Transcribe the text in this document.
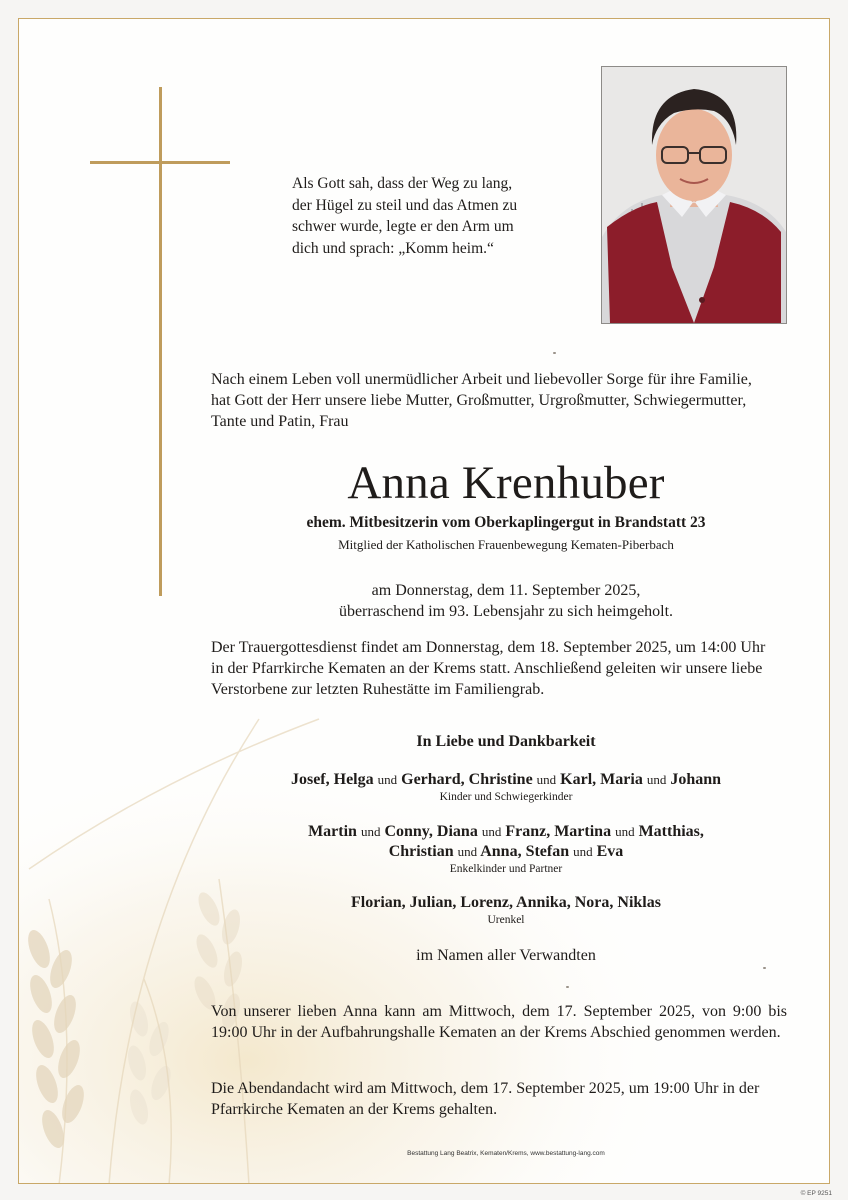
Als Gott sah, dass der Weg zu lang,
der Hügel zu steil und das Atmen zu
schwer wurde, legte er den Arm um
dich und sprach: „Komm heim.“
Nach einem Leben voll unermüdlicher Arbeit und liebevoller Sorge für ihre Familie,
hat Gott der Herr unsere liebe Mutter, Großmutter, Urgroßmutter, Schwiegermutter,
Tante und Patin, Frau
Anna Krenhuber
ehem. Mitbesitzerin vom Oberkaplingergut in Brandstatt 23
Mitglied der Katholischen Frauenbewegung Kematen-Piberbach
am Donnerstag, dem 11. September 2025,
überraschend im 93. Lebensjahr zu sich heimgeholt.
Der Trauergottesdienst findet am Donnerstag, dem 18. September 2025, um 14:00 Uhr
in der Pfarrkirche Kematen an der Krems statt. Anschließend geleiten wir unsere liebe
Verstorbene zur letzten Ruhestätte im Familiengrab.
In Liebe und Dankbarkeit
Josef, Helga und Gerhard, Christine und Karl, Maria und Johann
Kinder und Schwiegerkinder
Martin und Conny, Diana und Franz, Martina und Matthias,
Christian und Anna, Stefan und Eva
Enkelkinder und Partner
Florian, Julian, Lorenz, Annika, Nora, Niklas
Urenkel
im Namen aller Verwandten
Von unserer lieben Anna kann am Mittwoch, dem 17. September 2025, von 9:00 bis 19:00 Uhr in der Aufbahrungshalle Kematen an der Krems Abschied genommen werden.
Die Abendandacht wird am Mittwoch, dem 17. September 2025, um 19:00 Uhr in der
Pfarrkirche Kematen an der Krems gehalten.
Bestattung Lang Beatrix, Kematen/Krems, www.bestattung-lang.com
© EP 9251
